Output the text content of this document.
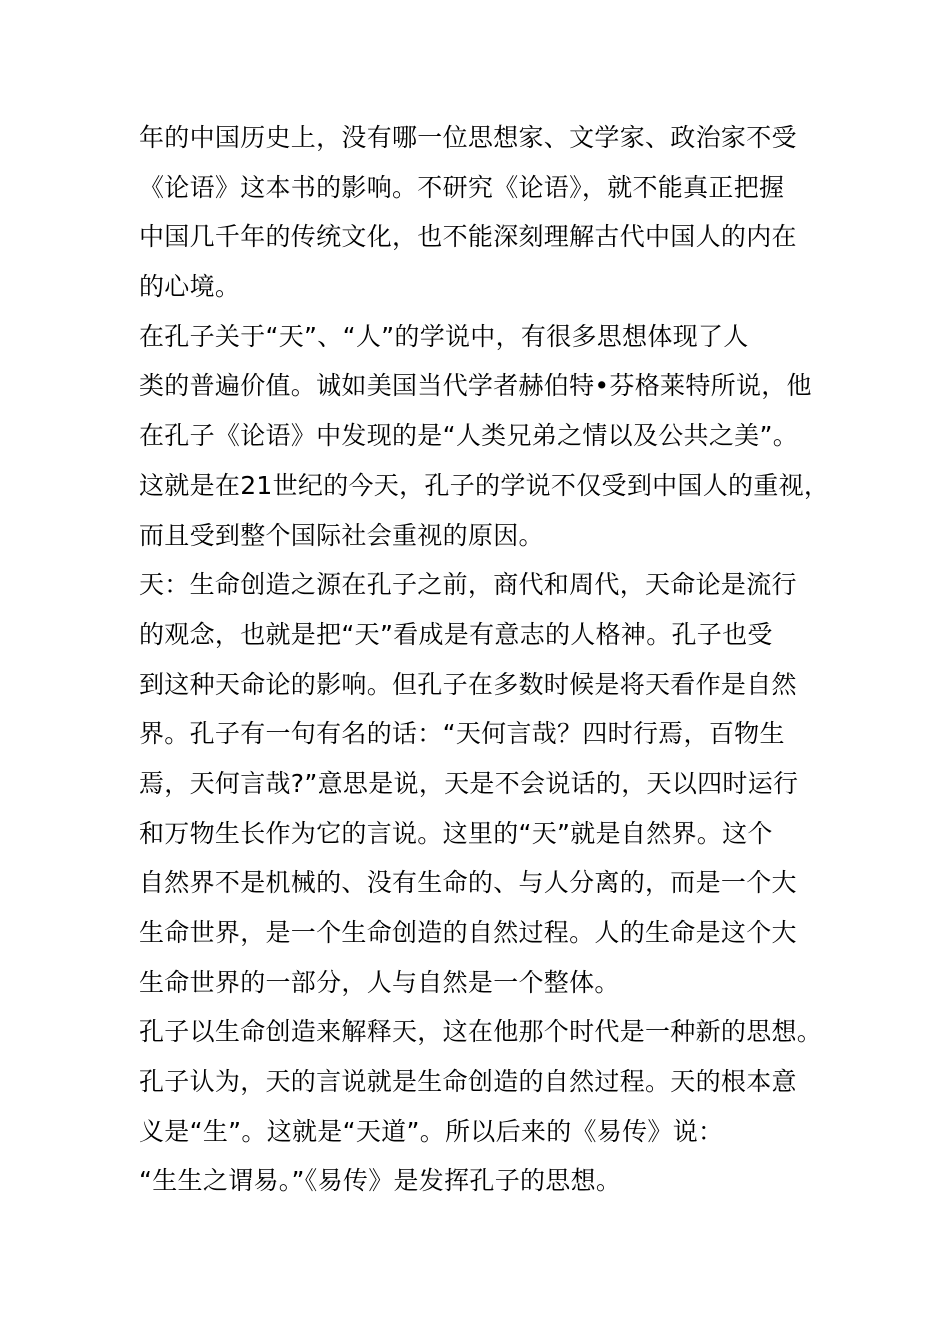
年的中国历史上，没有哪一位思想家、文学家、政治家不受
《论语》这本书的影响。不研究《论语》，就不能真正把握
中国几千年的传统文化，也不能深刻理解古代中国人的内在
的心境。
在孔子关于“天”、“人”的学说中，有很多思想体现了人
类的普遍价值。诚如美国当代学者赫伯特•芬格莱特所说，他
在孔子《论语》中发现的是“人类兄弟之情以及公共之美”。
这就是在21世纪的今天，孔子的学说不仅受到中国人的重视，
而且受到整个国际社会重视的原因。
天：生命创造之源在孔子之前，商代和周代，天命论是流行
的观念，也就是把“天”看成是有意志的人格神。孔子也受
到这种天命论的影响。但孔子在多数时候是将天看作是自然
界。孔子有一句有名的话：“天何言哉？四时行焉，百物生
焉，天何言哉?”意思是说，天是不会说话的，天以四时运行
和万物生长作为它的言说。这里的“天”就是自然界。这个
自然界不是机械的、没有生命的、与人分离的，而是一个大
生命世界，是一个生命创造的自然过程。人的生命是这个大
生命世界的一部分，人与自然是一个整体。
孔子以生命创造来解释天，这在他那个时代是一种新的思想。
孔子认为，天的言说就是生命创造的自然过程。天的根本意
义是“生”。这就是“天道”。所以后来的《易传》说：
“生生之谓易。”《易传》是发挥孔子的思想。
